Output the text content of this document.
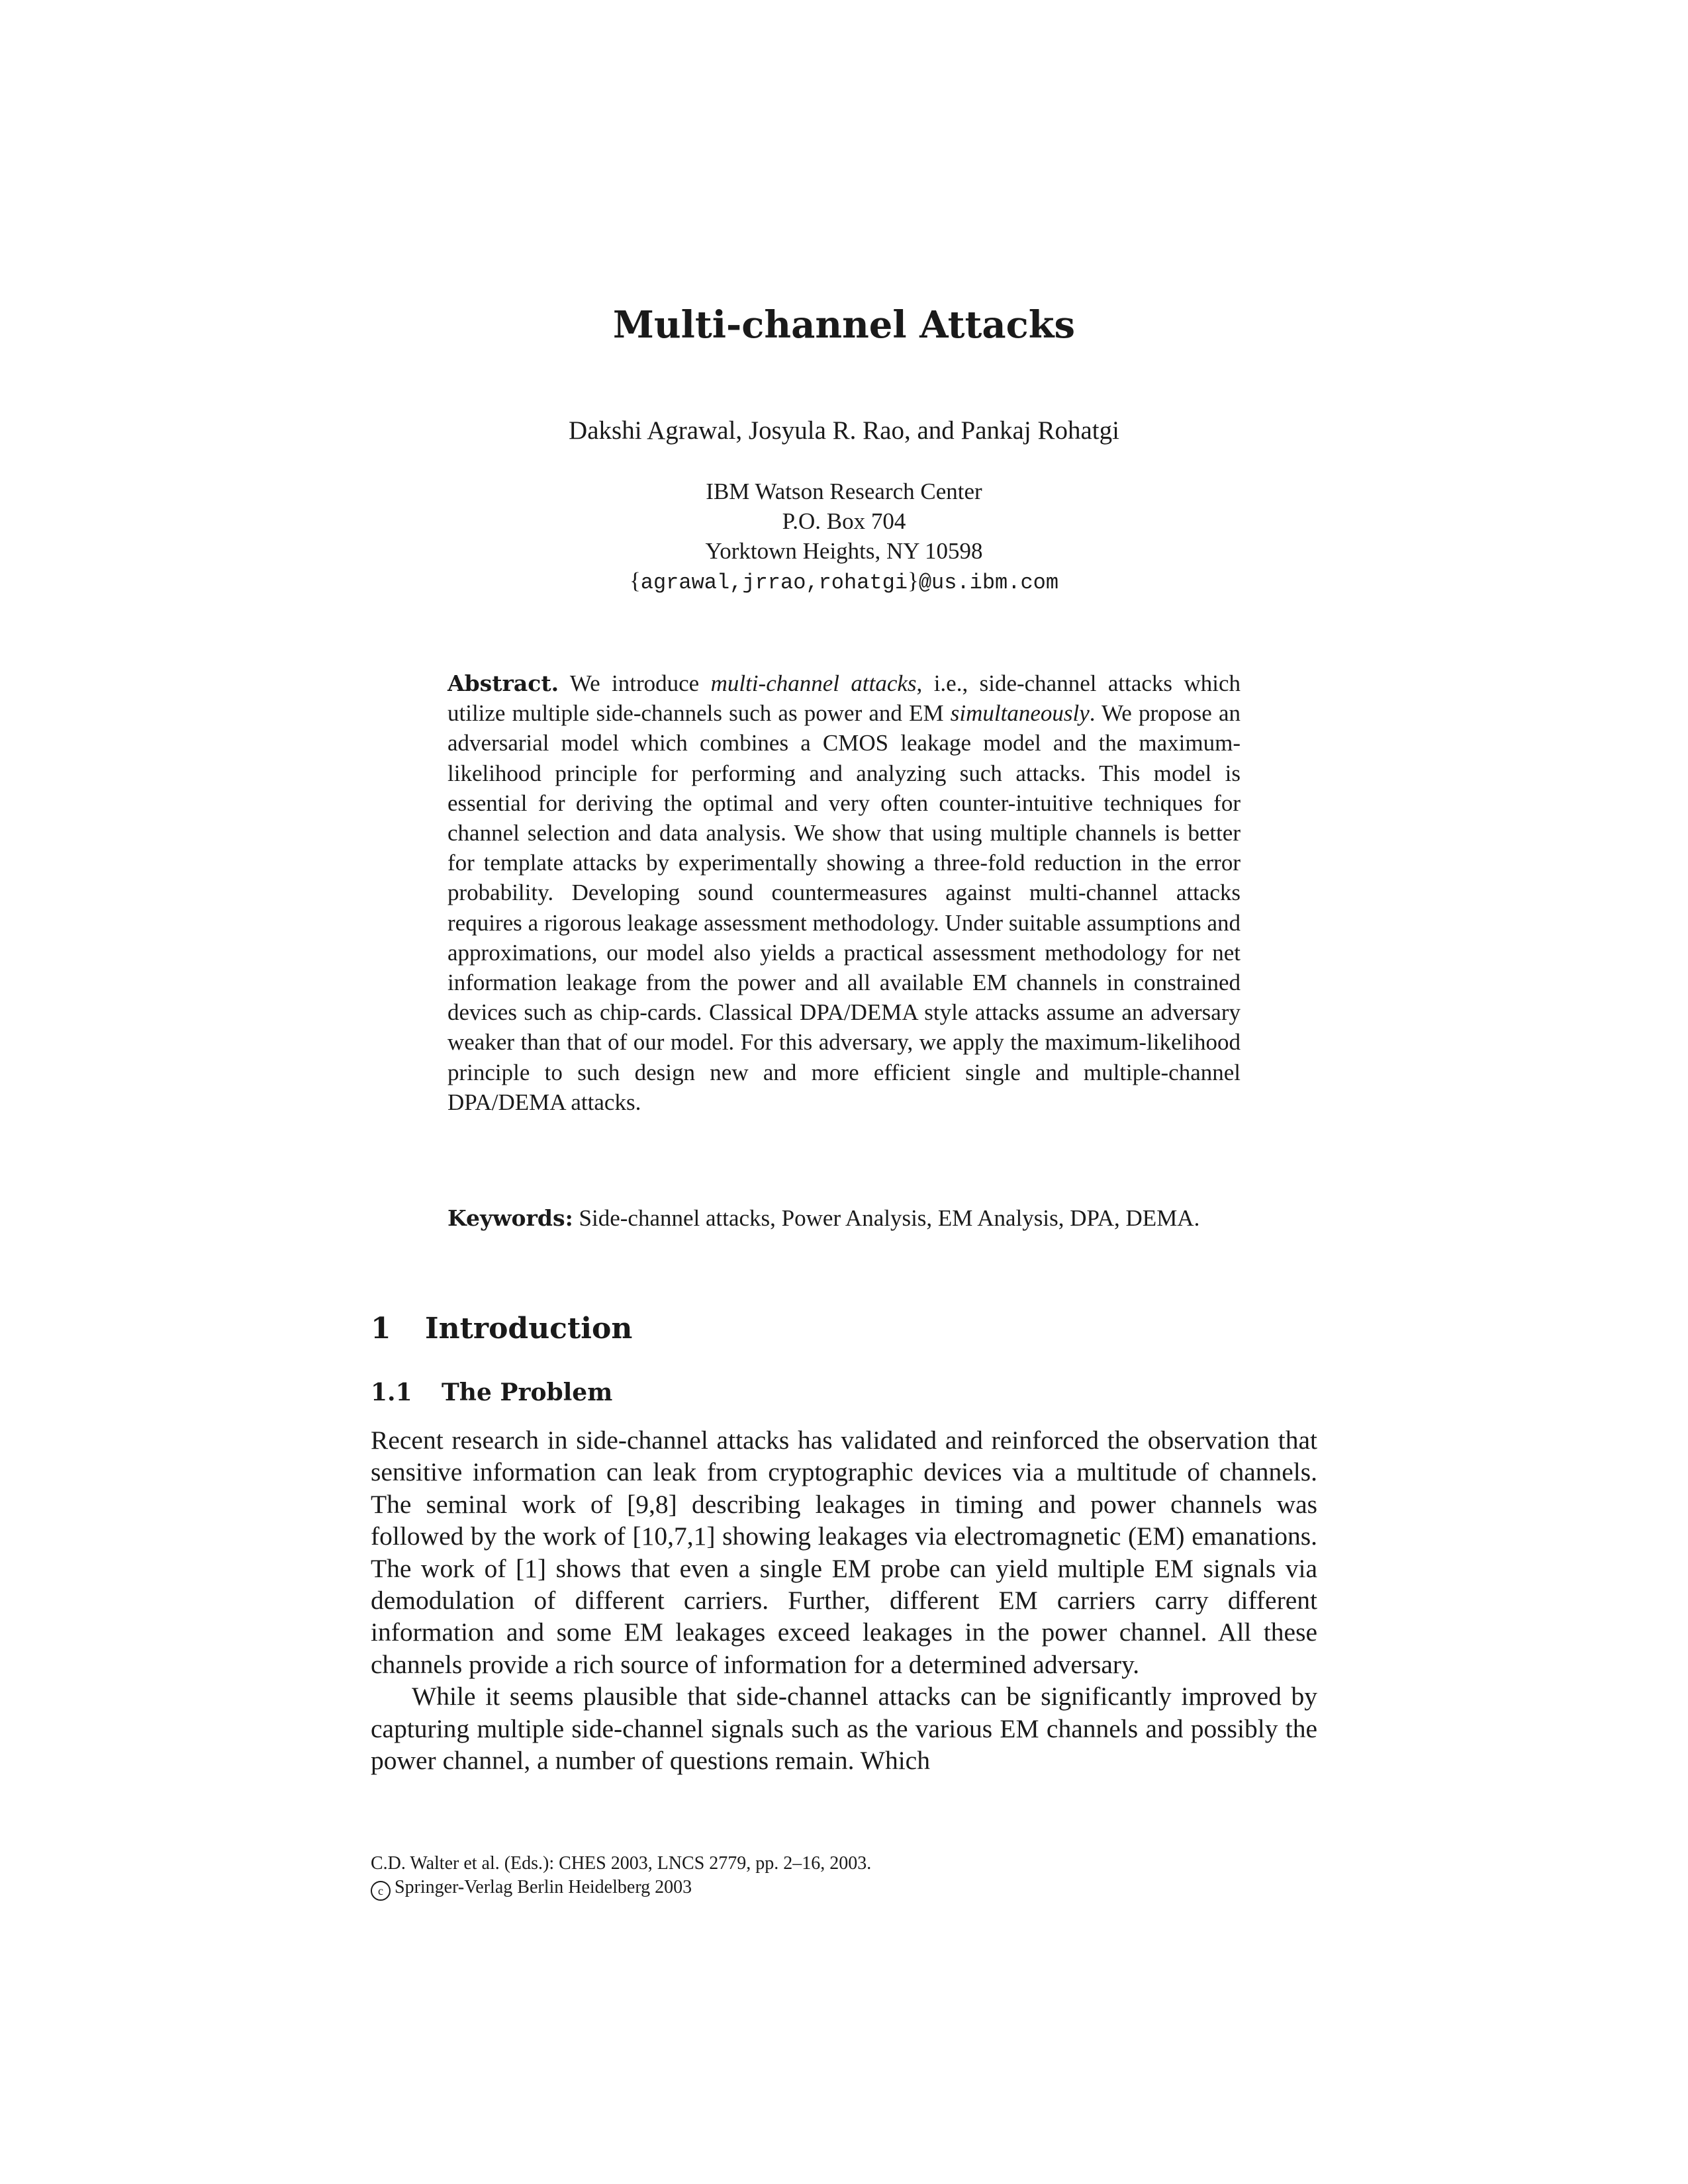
Multi-channel Attacks

Dakshi Agrawal, Josyula R. Rao, and Pankaj Rohatgi

IBM Watson Research Center
P.O. Box 704
Yorktown Heights, NY 10598
{agrawal,jrrao,rohatgi}@us.ibm.com

Abstract. We introduce multi-channel attacks, i.e., side-channel attacks which utilize multiple side-channels such as power and EM simultaneously. We propose an adversarial model which combines a CMOS leakage model and the maximum-likelihood principle for performing and analyzing such attacks. This model is essential for deriving the optimal and very often counter-intuitive techniques for channel selection and data analysis. We show that using multiple channels is better for template attacks by experimentally showing a three-fold reduction in the error probability. Developing sound countermeasures against multi-channel attacks requires a rigorous leakage assessment methodology. Under suitable assumptions and approximations, our model also yields a practical assessment methodology for net information leakage from the power and all available EM channels in constrained devices such as chip-cards. Classical DPA/DEMA style attacks assume an adversary weaker than that of our model. For this adversary, we apply the maximum-likelihood principle to such design new and more efficient single and multiple-channel DPA/DEMA attacks.

Keywords: Side-channel attacks, Power Analysis, EM Analysis, DPA, DEMA.
1 Introduction
1.1 The Problem

Recent research in side-channel attacks has validated and reinforced the observation that sensitive information can leak from cryptographic devices via a multitude of channels. The seminal work of [9,8] describing leakages in timing and power channels was followed by the work of [10,7,1] showing leakages via electromagnetic (EM) emanations. The work of [1] shows that even a single EM probe can yield multiple EM signals via demodulation of different carriers. Further, different EM carriers carry different information and some EM leakages exceed leakages in the power channel. All these channels provide a rich source of information for a determined adversary.

While it seems plausible that side-channel attacks can be significantly improved by capturing multiple side-channel signals such as the various EM channels and possibly the power channel, a number of questions remain. Which

C.D. Walter et al. (Eds.): CHES 2003, LNCS 2779, pp. 2–16, 2003.
c Springer-Verlag Berlin Heidelberg 2003
